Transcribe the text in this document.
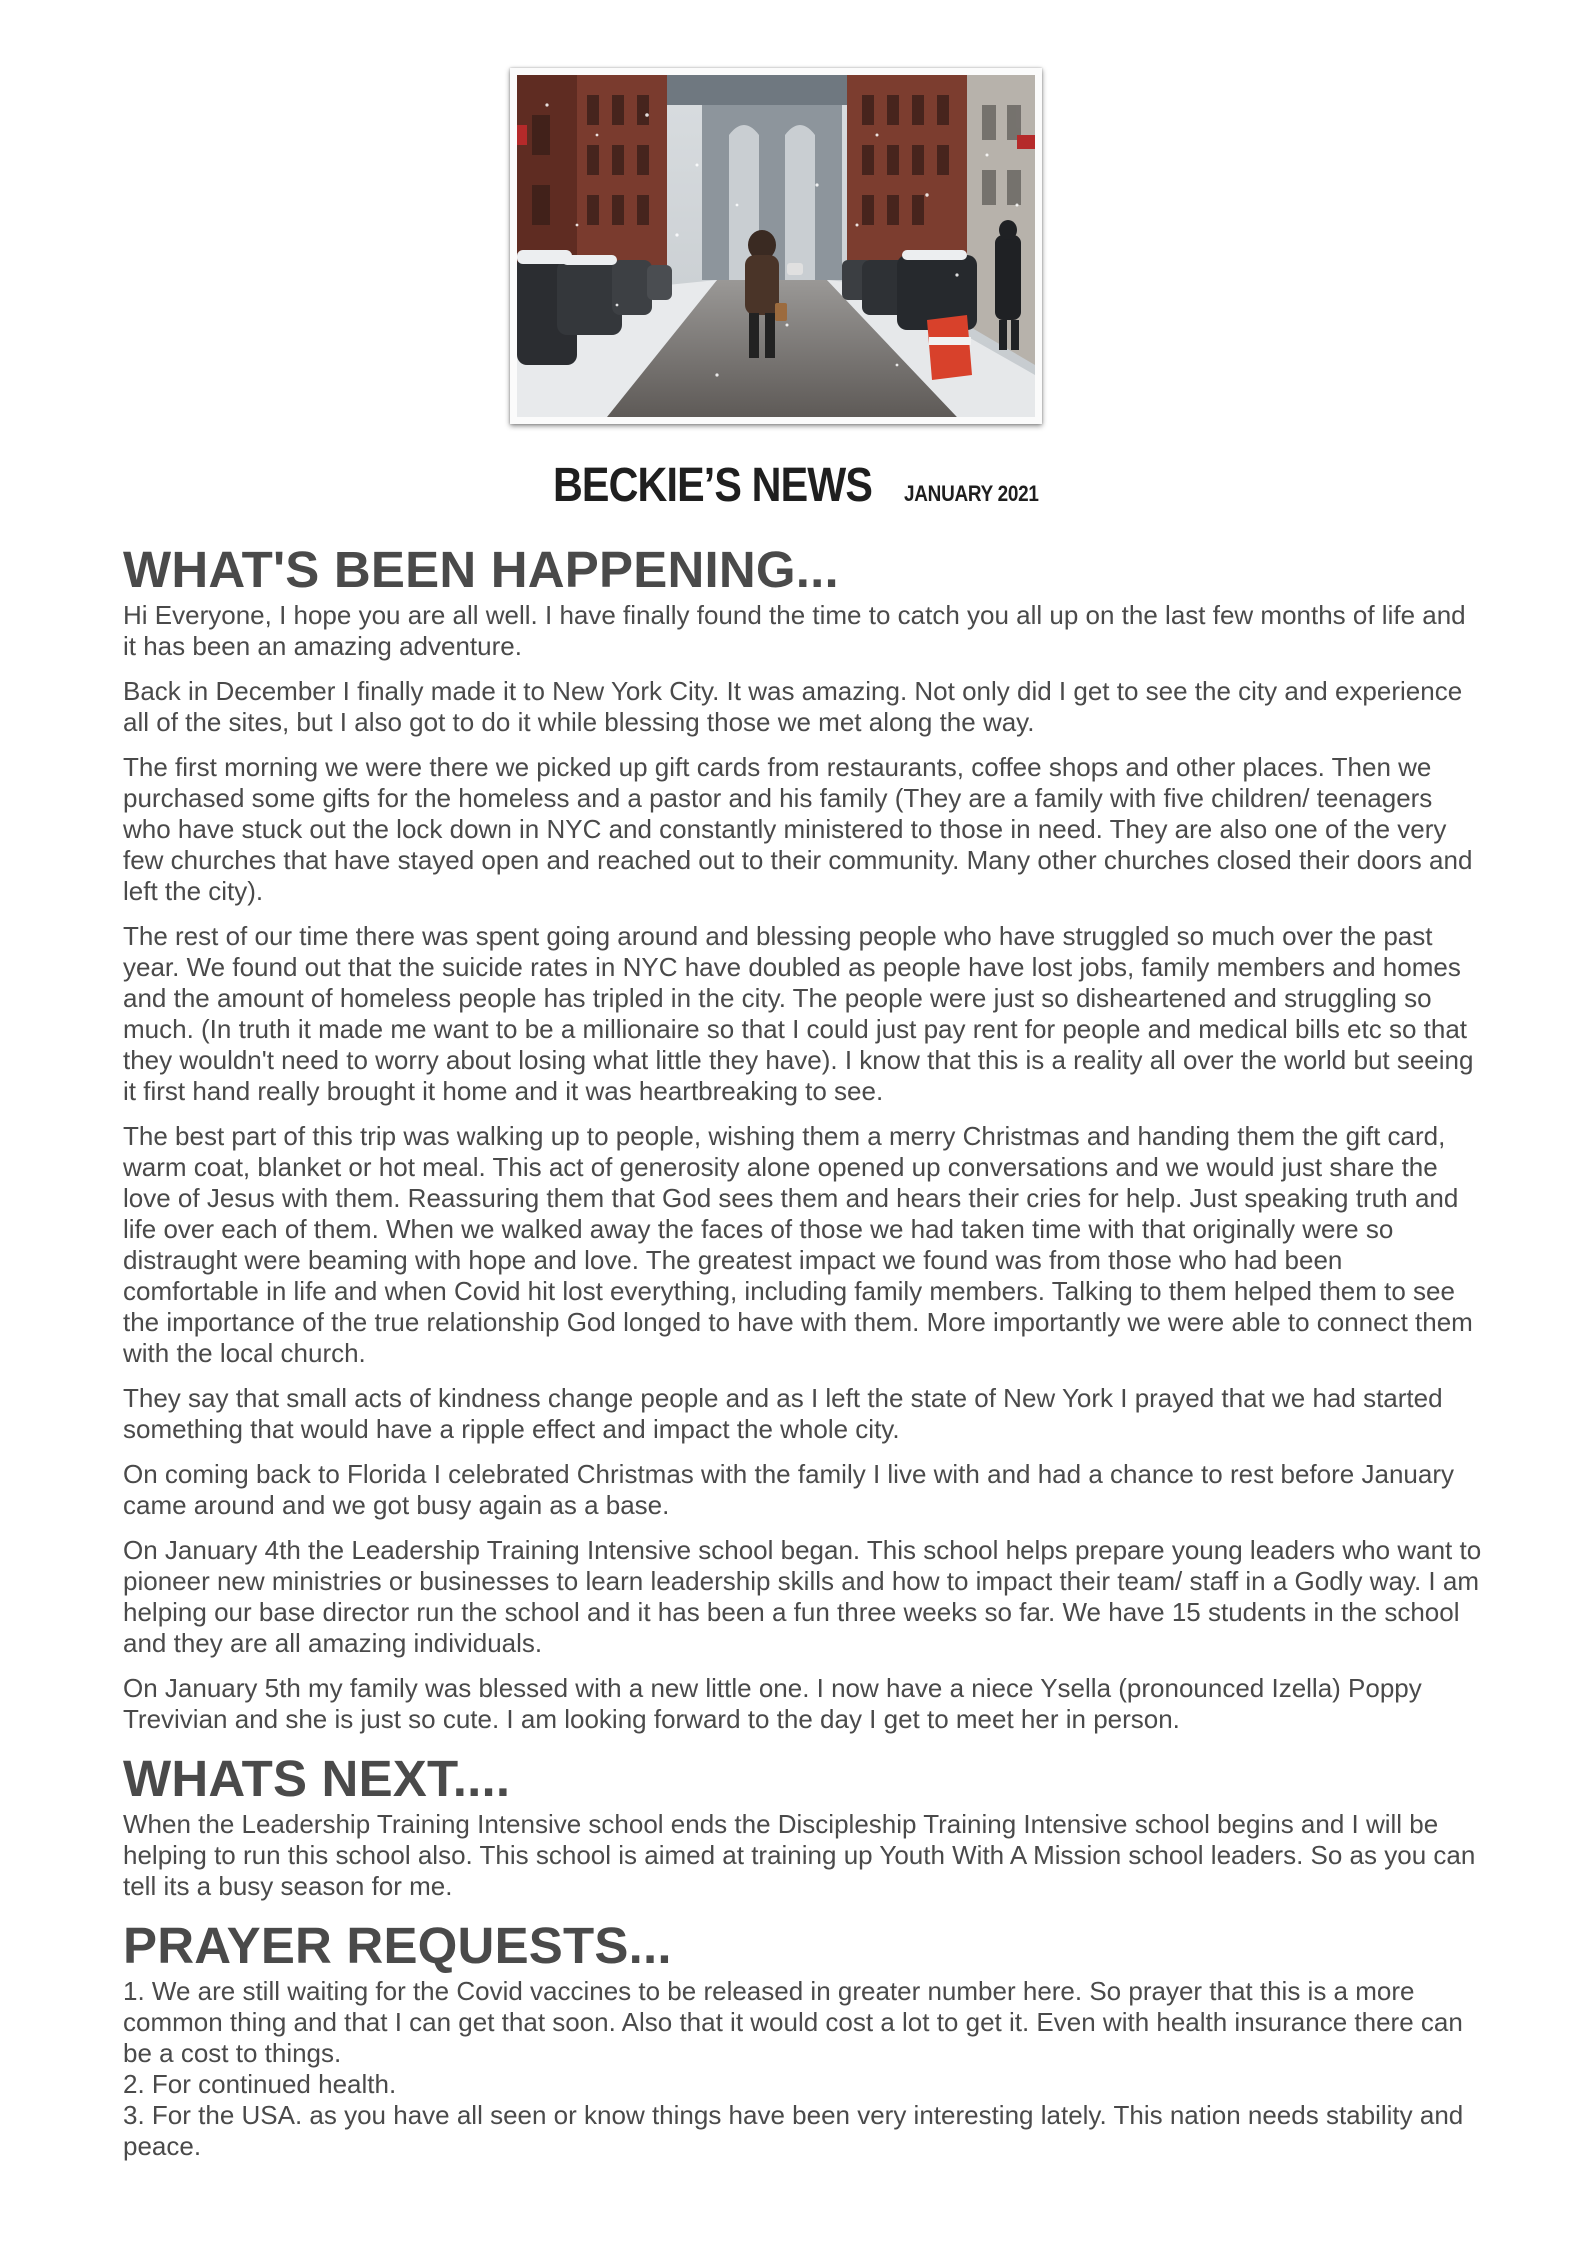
BECKIE’S NEWS JANUARY 2021
WHAT'S BEEN HAPPENING...

Hi Everyone, I hope you are all well. I have finally found the time to catch you all up on the last few months of life and it has been an amazing adventure.

Back in December I finally made it to New York City. It was amazing. Not only did I get to see the city and experience all of the sites, but I also got to do it while blessing those we met along the way.

The first morning we were there we picked up gift cards from restaurants, coffee shops and other places. Then we purchased some gifts for the homeless and a pastor and his family (They are a family with five children/ teenagers who have stuck out the lock down in NYC and constantly ministered to those in need. They are also one of the very few churches that have stayed open and reached out to their community. Many other churches closed their doors and left the city).

The rest of our time there was spent going around and blessing people who have struggled so much over the past year. We found out that the suicide rates in NYC have doubled as people have lost jobs, family members and homes and the amount of homeless people has tripled in the city. The people were just so disheartened and struggling so much. (In truth it made me want to be a millionaire so that I could just pay rent for people and medical bills etc so that they wouldn't need to worry about losing what little they have). I know that this is a reality all over the world but seeing it first hand really brought it home and it was heartbreaking to see.

The best part of this trip was walking up to people, wishing them a merry Christmas and handing them the gift card, warm coat, blanket or hot meal. This act of generosity alone opened up conversations and we would just share the love of Jesus with them. Reassuring them that God sees them and hears their cries for help. Just speaking truth and life over each of them. When we walked away the faces of those we had taken time with that originally were so distraught were beaming with hope and love. The greatest impact we found was from those who had been comfortable in life and when Covid hit lost everything, including family members. Talking to them helped them to see the importance of the true relationship God longed to have with them. More importantly we were able to connect them with the local church.

They say that small acts of kindness change people and as I left the state of New York I prayed that we had started something that would have a ripple effect and impact the whole city.

On coming back to Florida I celebrated Christmas with the family I live with and had a chance to rest before January came around and we got busy again as a base.

On January 4th the Leadership Training Intensive school began. This school helps prepare young leaders who want to pioneer new ministries or businesses to learn leadership skills and how to impact their team/ staff in a Godly way. I am helping our base director run the school and it has been a fun three weeks so far. We have 15 students in the school and they are all amazing individuals.

On January 5th my family was blessed with a new little one. I now have a niece Ysella (pronounced Izella) Poppy Trevivian and she is just so cute. I am looking forward to the day I get to meet her in person.

WHATS NEXT....

When the Leadership Training Intensive school ends the Discipleship Training Intensive school begins and I will be helping to run this school also. This school is aimed at training up Youth With A Mission school leaders. So as you can tell its a busy season for me.

PRAYER REQUESTS...
1. We are still waiting for the Covid vaccines to be released in greater number here. So prayer that this is a more common thing and that I can get that soon. Also that it would cost a lot to get it. Even with health insurance there can be a cost to things.
2. For continued health.
3. For the USA. as you have all seen or know things have been very interesting lately. This nation needs stability and peace.
